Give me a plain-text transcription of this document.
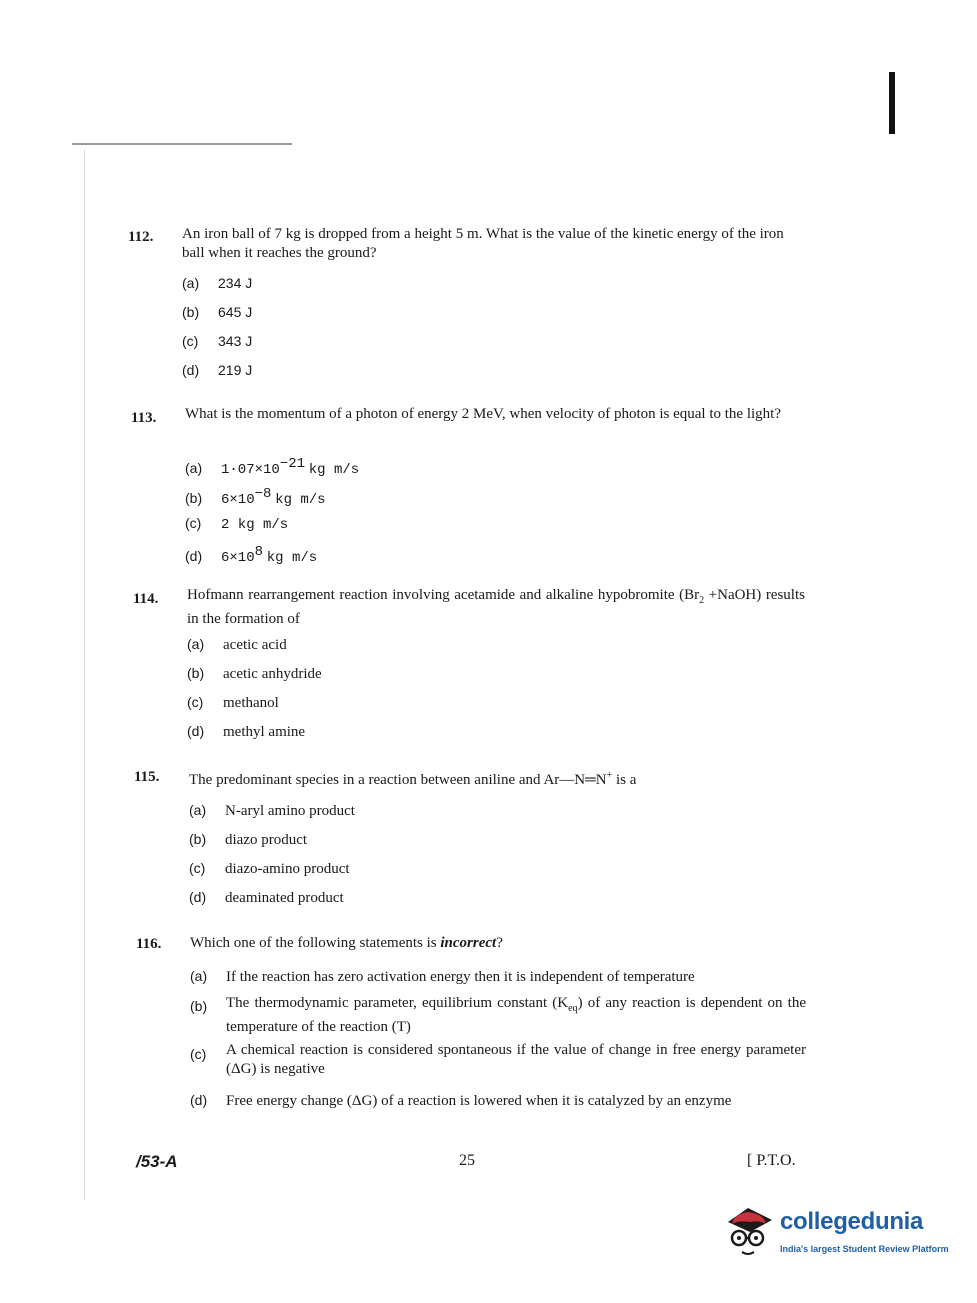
112. An iron ball of 7 kg is dropped from a height 5 m. What is the value of the kinetic energy of the iron ball when it reaches the ground?
(a) 234 J
(b) 645 J
(c) 343 J
(d) 219 J
113. What is the momentum of a photon of energy 2 MeV, when velocity of photon is equal to the light?
(a) $1\cdot 07\times 10^{-21}$ kg m/s
(b) $6\times 10^{-8}$ kg m/s
(c) 2 kg m/s
(d) $6\times 10^8$ kg m/s
114. Hofmann rearrangement reaction involving acetamide and alkaline hypobromite ($Br_2$ +NaOH) results in the formation of
(a) acetic acid
(b) acetic anhydride
(c) methanol
(d) methyl amine
115. The predominant species in a reaction between aniline and Ar—N═N+ is a
(a) N-aryl amino product
(b) diazo product
(c) diazo-amino product
(d) deaminated product
116. Which one of the following statements is incorrect?
(a) If the reaction has zero activation energy then it is independent of temperature
(b)	The thermodynamic parameter, equilibrium constant $(K_{eq})$ of any reaction is dependent on the temperature of the reaction (T)
(c)	A chemical reaction is considered spontaneous if the value of change in free energy parameter (ΔG) is negative
(d) Free energy change (ΔG) of a reaction is lowered when it is catalyzed by an enzyme
/53-A	25	[ P.T.O.
collegedunia
India's largest Student Review Platform
